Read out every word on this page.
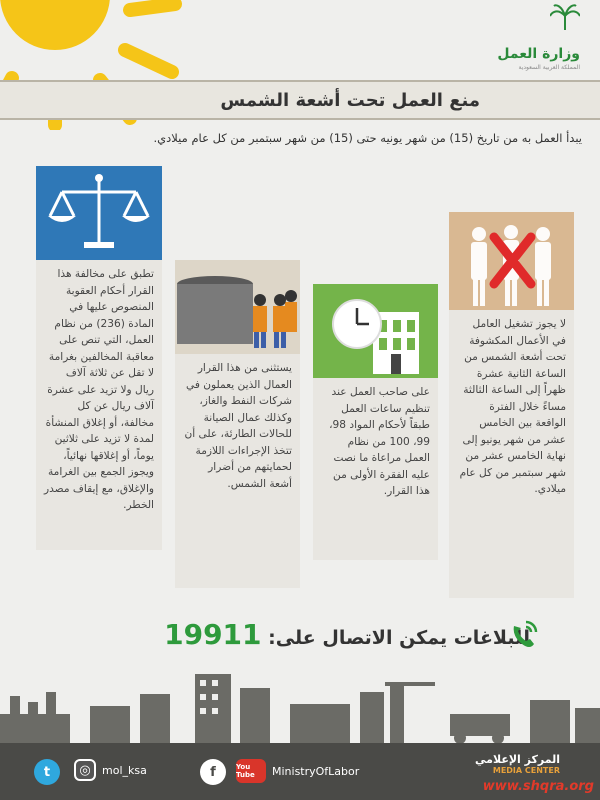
وزارة العمل
المملكة العربية السعودية
منع العمل تحت أشعة الشمس
يبدأ العمل به من تاريخ (15) من شهر يونيه حتى (15) من شهر سبتمبر من كل عام ميلادي.
لا يجوز تشغيل العامل في الأعمال المكشوفة تحت أشعة الشمس من الساعة الثانية عشرة ظهراً إلى الساعة الثالثة مساءً خلال الفترة الواقعة بين الخامس عشر من شهر يونيو إلى نهاية الخامس عشر من شهر سبتمبر من كل عام ميلادي.
على صاحب العمل عند تنظيم ساعات العمل طبقاً لأحكام المواد 98، 99، 100 من نظام العمل مراعاة ما نصت عليه الفقرة الأولى من هذا القرار.
يستثنى من هذا القرار العمال الذين يعملون في شركات النفط والغاز، وكذلك عمال الصيانة للحالات الطارئة، على أن تتخذ الإجراءات اللازمة لحمايتهم من أضرار أشعة الشمس.
تطبق على مخالفة هذا القرار أحكام العقوبة المنصوص عليها في المادة (236) من نظام العمل، التي تنص على معاقبة المخالفين بغرامة لا تقل عن ثلاثة آلاف ريال ولا تزيد على عشرة آلاف ريال عن كل مخالفة، أو إغلاق المنشأة لمدة لا تزيد على ثلاثين يوماً، أو إغلاقها نهائياً، ويجوز الجمع بين الغرامة والإغلاق، مع إيقاف مصدر الخطر.
للبلاغات يمكن الاتصال على: 19911
t	◎	mol_ksa	f	You Tube	MinistryOfLabor
المركز الإعلامي
MEDIA CENTER
www.shqra.org
